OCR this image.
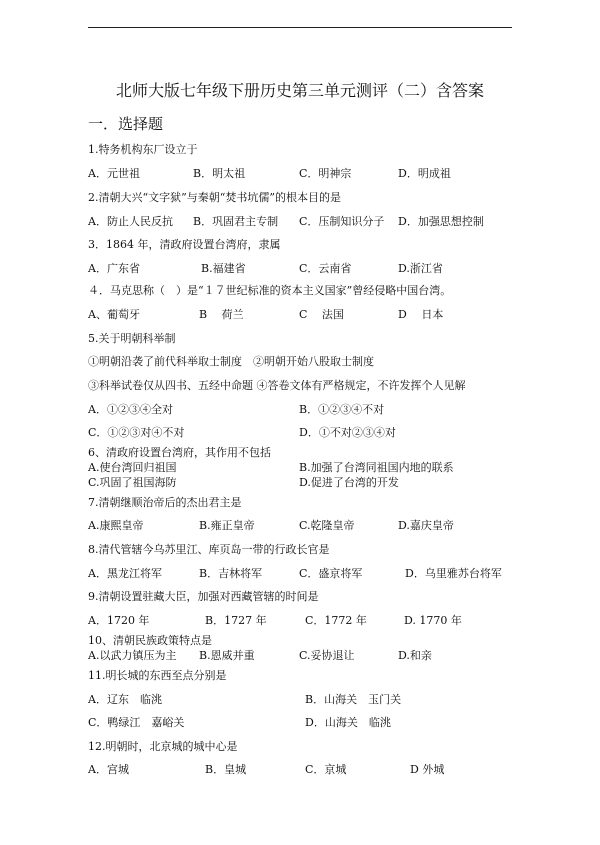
北师大版七年级下册历史第三单元测评（二）含答案
一．选择题
1.特务机构东厂设立于
A．元世祖	B．明太祖	C．明神宗	D．明成祖
2.清朝大兴“文字狱”与秦朝“焚书坑儒”的根本目的是
A．防止人民反抗 B．巩固君主专制 C．压制知识分子 D．加强思想控制
3．1864 年，清政府设置台湾府，隶属
A．广东省	B.福建省	C．云南省	D.浙江省
４．马克思称（　）是“１７世纪标准的资本主义国家”曾经侵略中国台湾。
A、葡萄牙	B　 荷兰	C　 法国	D　 日本
5.关于明朝科举制
①明朝沿袭了前代科举取士制度　②明朝开始八股取士制度
③科举试卷仅从四书、五经中命题 ④答卷文体有严格规定，不许发挥个人见解
A．①②③④全对	B．①②③④不对
C．①②③对④不对	D．①不对②③④对
6、清政府设置台湾府，其作用不包括
A.使台湾回归祖国	B.加强了台湾同祖国内地的联系
C.巩固了祖国海防	D.促进了台湾的开发
7.清朝继顺治帝后的杰出君主是
A.康熙皇帝	B.雍正皇帝	C.乾隆皇帝	D.嘉庆皇帝
8.清代管辖今乌苏里江、库页岛一带的行政长官是
A．黑龙江将军	B．吉林将军	C．盛京将军	D．乌里雅苏台将军
9.清朝设置驻藏大臣，加强对西藏管辖的时间是
A．1720 年	B．1727 年	C．1772 年	D. 1770 年
10、清朝民族政策特点是
A.以武力镇压为主 B.恩威并重	C.妥协退让	D.和亲
11.明长城的东西至点分别是
A．辽东　临洮	B．山海关　玉门关
C．鸭绿江　嘉峪关	D．山海关　临洮
12.明朝时，北京城的城中心是
A．宫城	B．皇城	C．京城	D 外城
